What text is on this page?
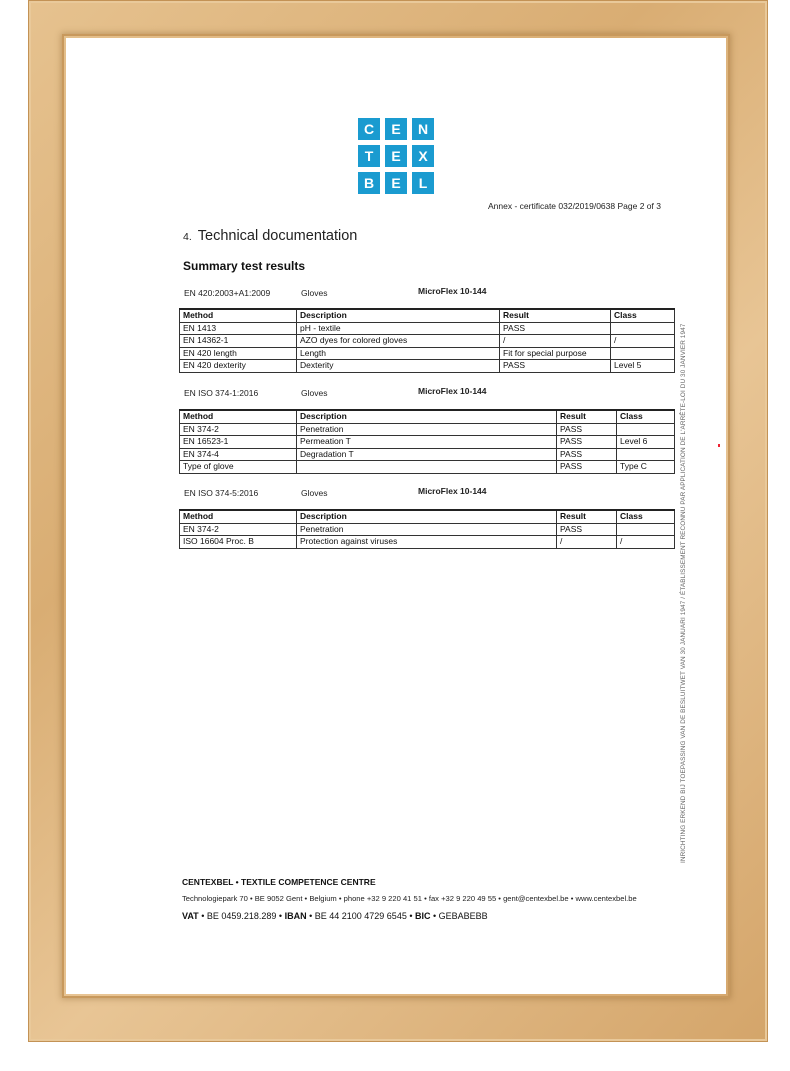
C	E	N
T	E	X
B	E	L
Annex - certificate 032/2019/0638 Page 2 of 3
4. Technical documentation
Summary test results
EN 420:2003+A1:2009	Gloves	MicroFlex 10-144
Method	Description	Result	Class
EN 1413	pH - textile	PASS	
EN 14362-1	AZO dyes for colored gloves	/	/
EN 420 length	Length	Fit for special purpose	
EN 420 dexterity	Dexterity	PASS	Level 5
EN ISO 374-1:2016	Gloves	MicroFlex 10-144
Method	Description	Result	Class
EN 374-2	Penetration	PASS	
EN 16523-1	Permeation T	PASS	Level 6
EN 374-4	Degradation T	PASS	
Type of glove		PASS	Type C
EN ISO 374-5:2016	Gloves	MicroFlex 10-144
Method	Description	Result	Class
EN 374-2	Penetration	PASS	
ISO 16604 Proc. B	Protection against viruses	/	/	INRICHTING ERKEND BIJ TOEPASSING VAN DE BESLUITWET VAN 30 JANUARI 1947 / ÉTABLISSEMENT RECONNU PAR APPLICATION DE L'ARRÊTE-LOI DU 30 JANVIER 1947
CENTEXBEL • TEXTILE COMPETENCE CENTRE
Technologiepark 70 • BE 9052 Gent • Belgium • phone +32 9 220 41 51 • fax +32 9 220 49 55 • gent@centexbel.be • www.centexbel.be
VAT • BE 0459.218.289 • IBAN • BE 44 2100 4729 6545 • BIC • GEBABEBB
